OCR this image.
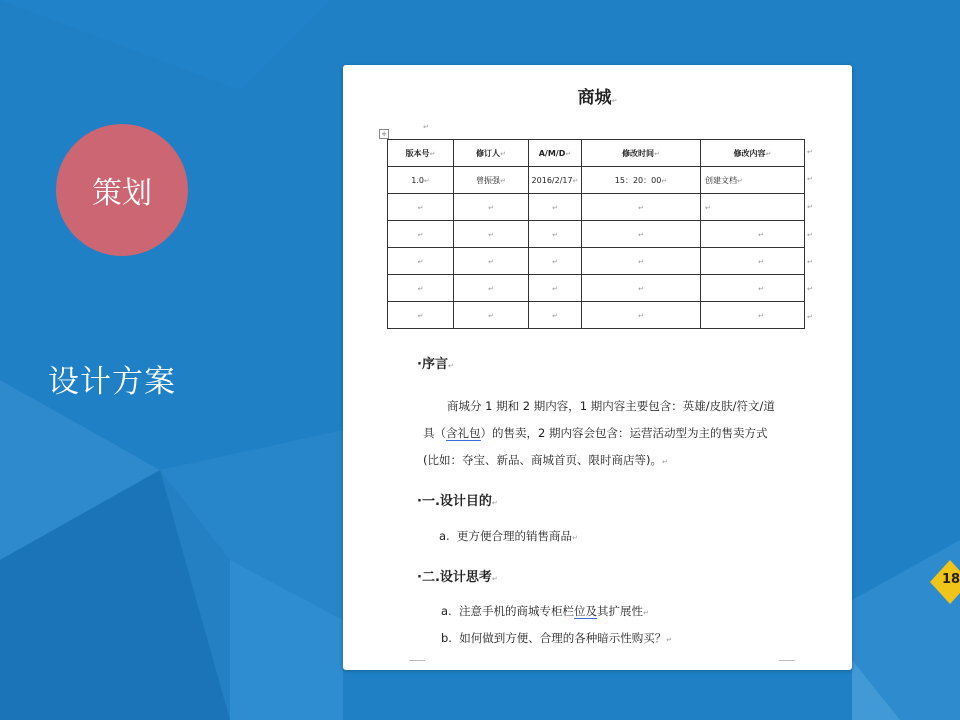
策划
设计方案
18
商城↵
↵
+
版本号↵	修订人↵	A/M/D↵	修改时间↵	修改内容↵
1.0↵	曾振强↵	2016/2/17↵	15：20：00↵	创建文档↵
↵	↵	↵	↵	↵
↵	↵	↵	↵	↵
↵	↵	↵	↵	↵
↵	↵	↵	↵	↵
↵	↵	↵	↵	↵
↵
↵
↵
↵
↵
↵
↵
·序言↵
商城分 1 期和 2 期内容，1 期内容主要包含：英雄/皮肤/符文/道具（含礼包）的售卖，2 期内容会包含：运营活动型为主的售卖方式(比如：夺宝、新品、商城首页、限时商店等)。↵
·一.设计目的↵
a. 更方便合理的销售商品↵
·二.设计思考↵
a. 注意手机的商城专柜栏位及其扩展性↵
b. 如何做到方便、合理的各种暗示性购买？↵
